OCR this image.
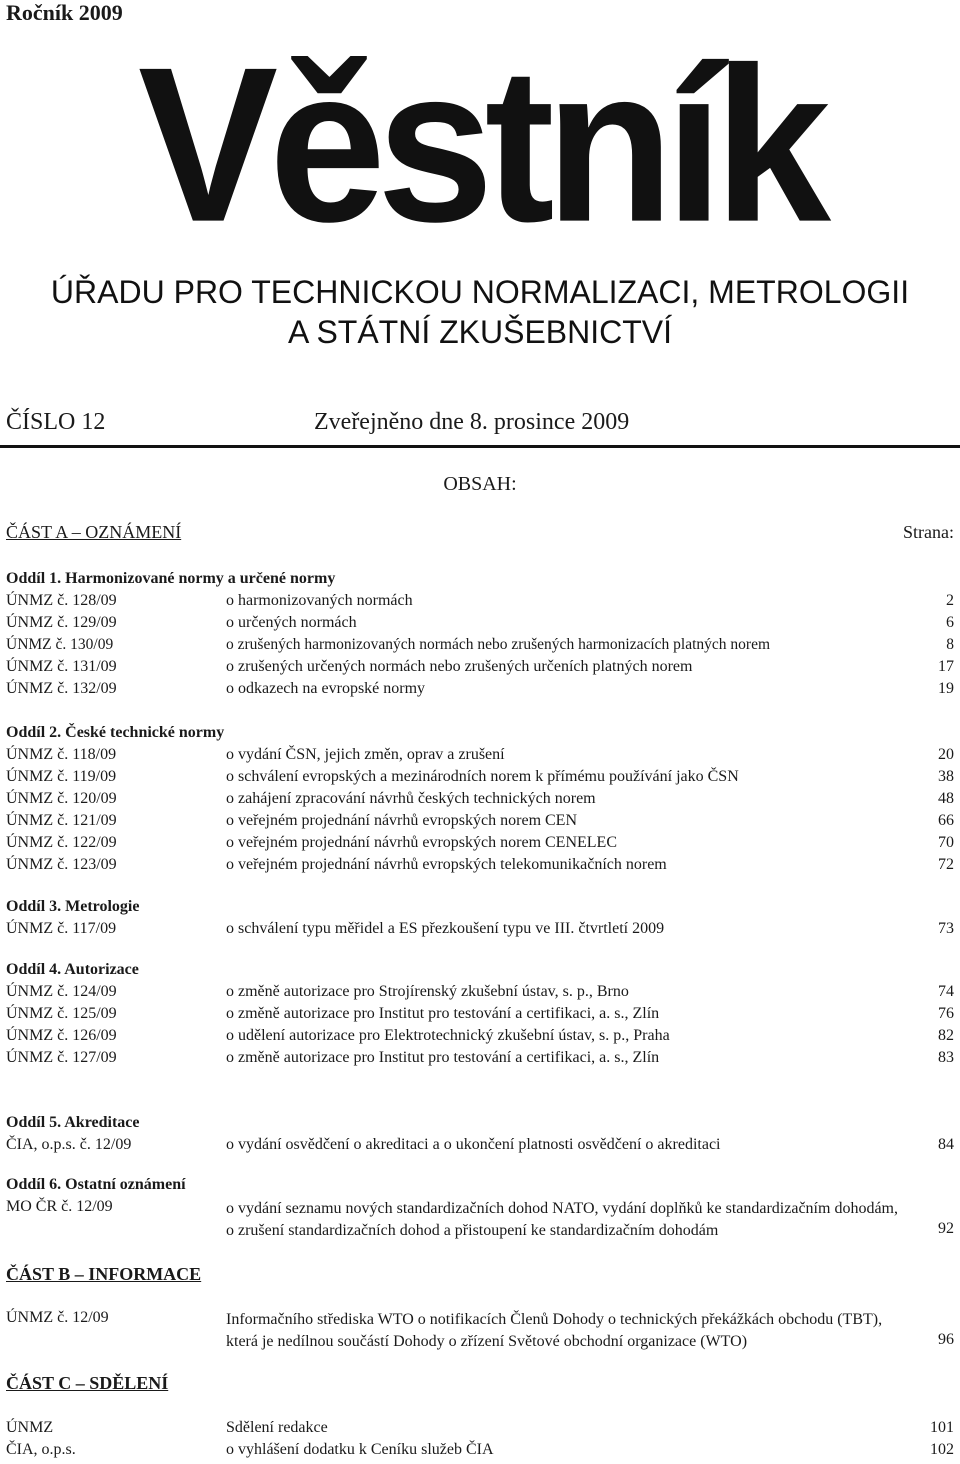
Ročník 2009
Věstník
ÚŘADU PRO TECHNICKOU NORMALIZACI, METROLOGII
A STÁTNÍ ZKUŠEBNICTVÍ
ČÍSLO 12	Zveřejněno dne 8. prosince 2009
OBSAH:
ČÁST A – OZNÁMENÍ	Strana:
Oddíl 1. Harmonizované normy a určené normy
ÚNMZ č. 128/09	o harmonizovaných normách	2
ÚNMZ č. 129/09	o určených normách	6
ÚNMZ č. 130/09	o zrušených harmonizovaných normách nebo zrušených harmonizacích platných norem	8
ÚNMZ č. 131/09	o zrušených určených normách nebo zrušených určeních platných norem	17
ÚNMZ č. 132/09	o odkazech na evropské normy	19
Oddíl 2. České technické normy
ÚNMZ č. 118/09	o vydání ČSN, jejich změn, oprav a zrušení	20
ÚNMZ č. 119/09	o schválení evropských a mezinárodních norem k přímému používání jako ČSN	38
ÚNMZ č. 120/09	o zahájení zpracování návrhů českých technických norem	48
ÚNMZ č. 121/09	o veřejném projednání návrhů evropských norem CEN	66
ÚNMZ č. 122/09	o veřejném projednání návrhů evropských norem CENELEC	70
ÚNMZ č. 123/09	o veřejném projednání návrhů evropských telekomunikačních norem	72
Oddíl 3. Metrologie
ÚNMZ č. 117/09	o schválení typu měřidel a ES přezkoušení typu ve III. čtvrtletí 2009	73
Oddíl 4. Autorizace
ÚNMZ č. 124/09	o změně autorizace pro Strojírenský zkušební ústav, s. p., Brno	74
ÚNMZ č. 125/09	o změně autorizace pro Institut pro testování a certifikaci, a. s., Zlín	76
ÚNMZ č. 126/09	o udělení autorizace pro Elektrotechnický zkušební ústav, s. p., Praha	82
ÚNMZ č. 127/09	o změně autorizace pro Institut pro testování a certifikaci, a. s., Zlín	83
Oddíl 5. Akreditace
ČIA, o.p.s. č. 12/09	o vydání osvědčení o akreditaci a o ukončení platnosti osvědčení o akreditaci	84
Oddíl 6. Ostatní oznámení
MO ČR č. 12/09	o vydání seznamu nových standardizačních dohod NATO, vydání doplňků ke standardizačním dohodám, o zrušení standardizačních dohod a přistoupení ke standardizačním dohodám	92
ČÁST B – INFORMACE
ÚNMZ č. 12/09	Informačního střediska WTO o notifikacích Členů Dohody o technických překážkách obchodu (TBT), která je nedílnou součástí Dohody o zřízení Světové obchodní organizace (WTO)	96
ČÁST C – SDĚLENÍ
ÚNMZ	Sdělení redakce	101
ČIA, o.p.s.	o vyhlášení dodatku k Ceníku služeb ČIA	102
